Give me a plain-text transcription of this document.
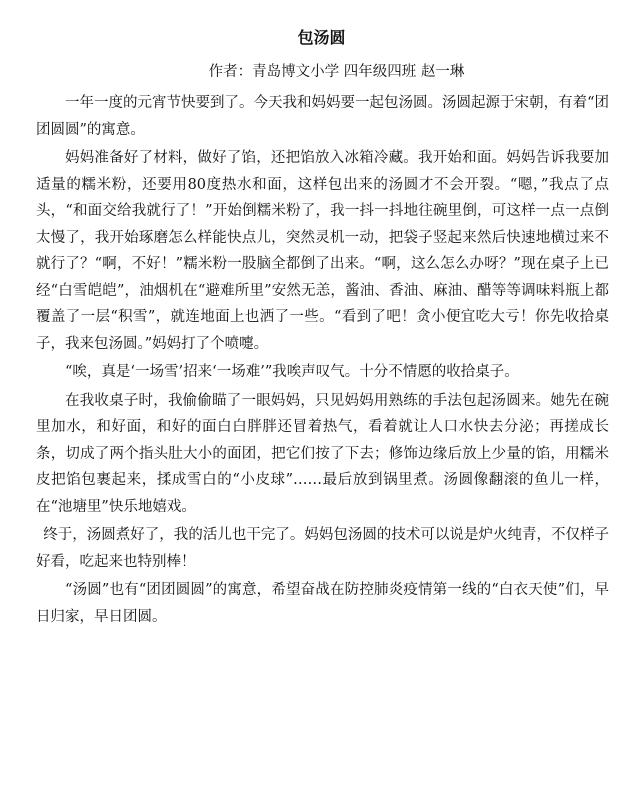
包汤圆
作者：青岛博文小学 四年级四班 赵一琳

一年一度的元宵节快要到了。今天我和妈妈要一起包汤圆。汤圆起源于宋朝，有着“团团圆圆”的寓意。

妈妈准备好了材料，做好了馅，还把馅放入冰箱冷藏。我开始和面。妈妈告诉我要加适量的糯米粉，还要用80度热水和面，这样包出来的汤圆才不会开裂。“嗯，”我点了点头，“和面交给我就行了！”开始倒糯米粉了，我一抖一抖地往碗里倒，可这样一点一点倒太慢了，我开始琢磨怎么样能快点儿，突然灵机一动，把袋子竖起来然后快速地横过来不就行了？“啊，不好！”糯米粉一股脑全都倒了出来。“啊，这么怎么办呀？”现在桌子上已经“白雪皑皑”，油烟机在“避难所里”安然无恙，酱油、香油、麻油、醋等等调味料瓶上都覆盖了一层“积雪”，就连地面上也洒了一些。“看到了吧！贪小便宜吃大亏！你先收拾桌子，我来包汤圆。”妈妈打了个喷嚏。

“唉，真是‘一场雪’招来‘一场难’”我唉声叹气。十分不情愿的收拾桌子。

在我收桌子时，我偷偷瞄了一眼妈妈，只见妈妈用熟练的手法包起汤圆来。她先在碗里加水，和好面，和好的面白白胖胖还冒着热气，看着就让人口水快去分泌；再搓成长条，切成了两个指头肚大小的面团，把它们按了下去；修饰边缘后放上少量的馅，用糯米皮把馅包裹起来，揉成雪白的“小皮球”……最后放到锅里煮。汤圆像翻滚的鱼儿一样，在“池塘里”快乐地嬉戏。

终于，汤圆煮好了，我的活儿也干完了。妈妈包汤圆的技术可以说是炉火纯青，不仅样子好看，吃起来也特别棒！

“汤圆”也有“团团圆圆”的寓意，希望奋战在防控肺炎疫情第一线的“白衣天使”们，早日归家，早日团圆。
